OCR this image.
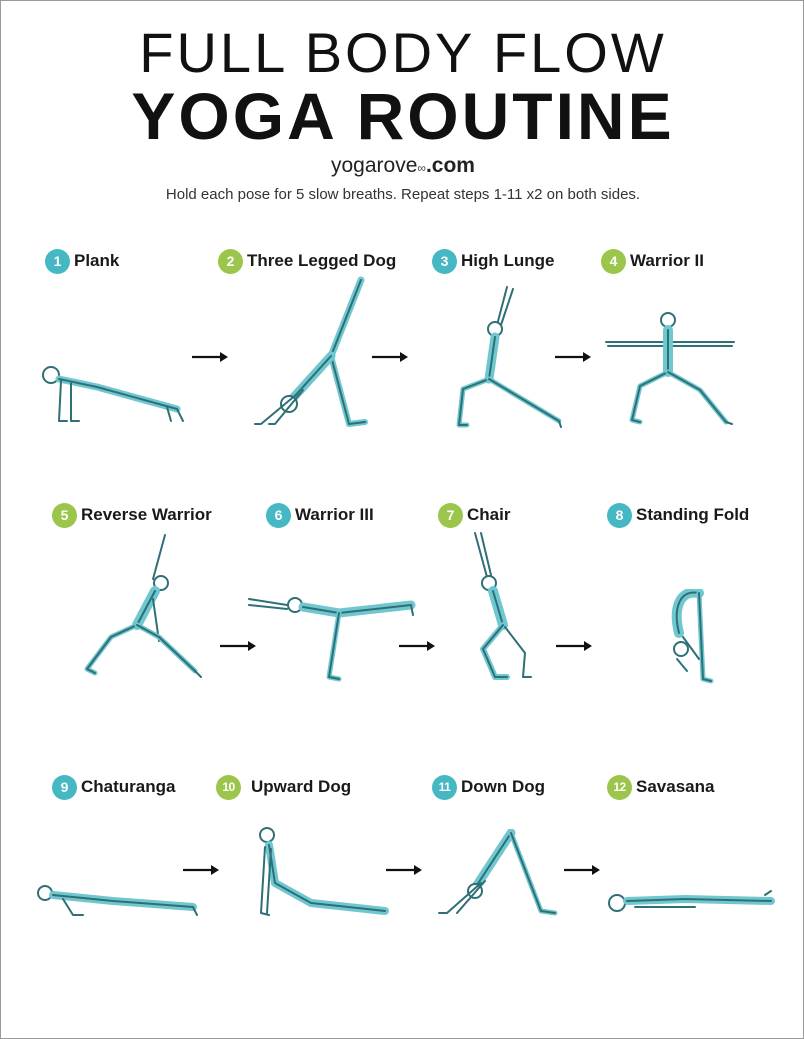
FULL BODY FLOW
YOGA ROUTINE
yogarove∞.com
Hold each pose for 5 slow breaths. Repeat steps 1-11 x2 on both sides.
1 Plank	2 Three Legged Dog	3 High Lunge	4 Warrior II
5 Reverse Warrior	6 Warrior III	7 Chair	8 Standing Fold
9 Chaturanga	10 Upward Dog	11 Down Dog	12 Savasana
